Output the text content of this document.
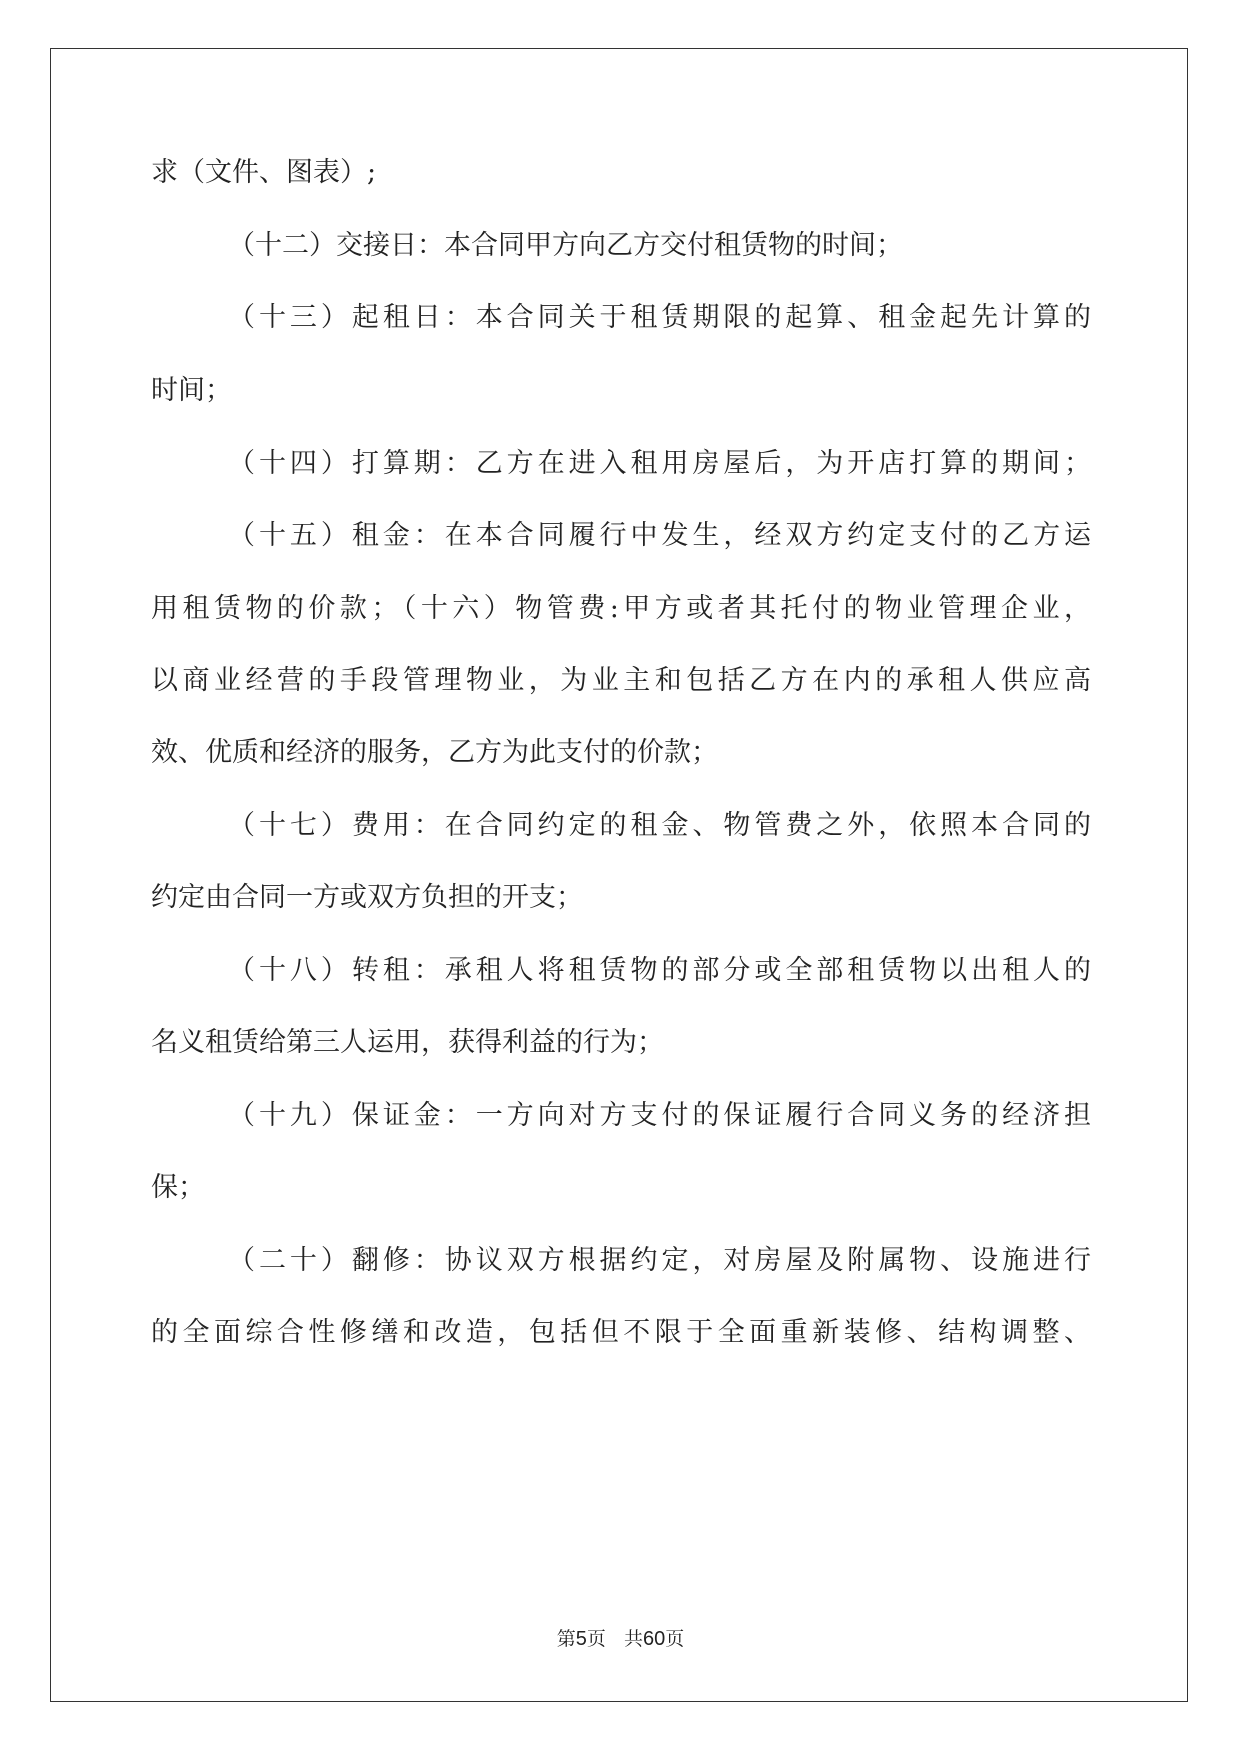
求（文件、图表）;
（十二）交接日：本合同甲方向乙方交付租赁物的时间；
（十三）起租日：本合同关于租赁期限的起算、租金起先计算的
时间；
（十四）打算期：乙方在进入租用房屋后，为开店打算的期间；
（十五）租金：在本合同履行中发生，经双方约定支付的乙方运
用租赁物的价款；（十六）物管费:甲方或者其托付的物业管理企业，
以商业经营的手段管理物业，为业主和包括乙方在内的承租人供应高
效、优质和经济的服务，乙方为此支付的价款；
（十七）费用：在合同约定的租金、物管费之外，依照本合同的
约定由合同一方或双方负担的开支；
（十八）转租：承租人将租赁物的部分或全部租赁物以出租人的
名义租赁给第三人运用，获得利益的行为；
（十九）保证金：一方向对方支付的保证履行合同义务的经济担
保；
（二十）翻修：协议双方根据约定，对房屋及附属物、设施进行
的全面综合性修缮和改造，包括但不限于全面重新装修、结构调整、
第5页 共60页
